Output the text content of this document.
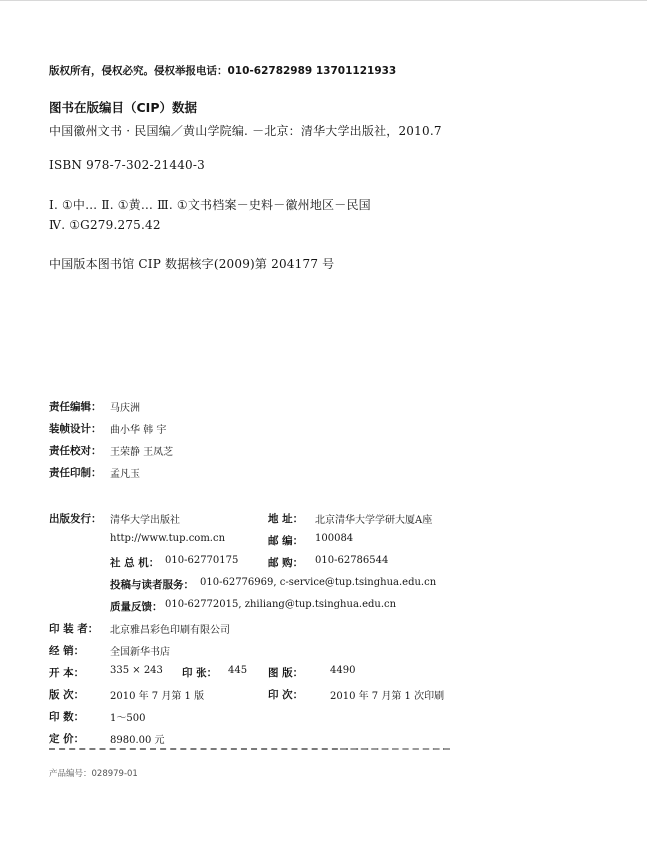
版权所有，侵权必究。侵权举报电话：010-62782989 13701121933
图书在版编目（CIP）数据
中国徽州文书 · 民国编／黄山学院编. －北京：清华大学出版社，2010.7
ISBN 978-7-302-21440-3
Ⅰ. ①中… Ⅱ. ①黄… Ⅲ. ①文书档案－史料－徽州地区－民国
Ⅳ. ①G279.275.42
中国版本图书馆 CIP 数据核字(2009)第 204177 号
责任编辑： 马庆洲
装帧设计： 曲小华 韩 宇
责任校对： 王荣静 王凤芝
责任印制： 孟凡玉
出版发行： 清华大学出版社	地 址： 北京清华大学学研大厦A座
http://www.tup.com.cn	邮 编： 100084
社 总 机： 010-62770175	邮 购： 010-62786544
投稿与读者服务： 010-62776969, c-service@tup.tsinghua.edu.cn
质量反馈： 010-62772015, zhiliang@tup.tsinghua.edu.cn
印 装 者： 北京雅昌彩色印刷有限公司
经 销：	全国新华书店
开 本：	335 × 243 印 张： 445 图 版：	4490
版 次：	2010 年 7 月第 1 版	印 次：	2010 年 7 月第 1 次印刷
印 数：	1～500
定 价：	8980.00 元
产品编号：028979-01
